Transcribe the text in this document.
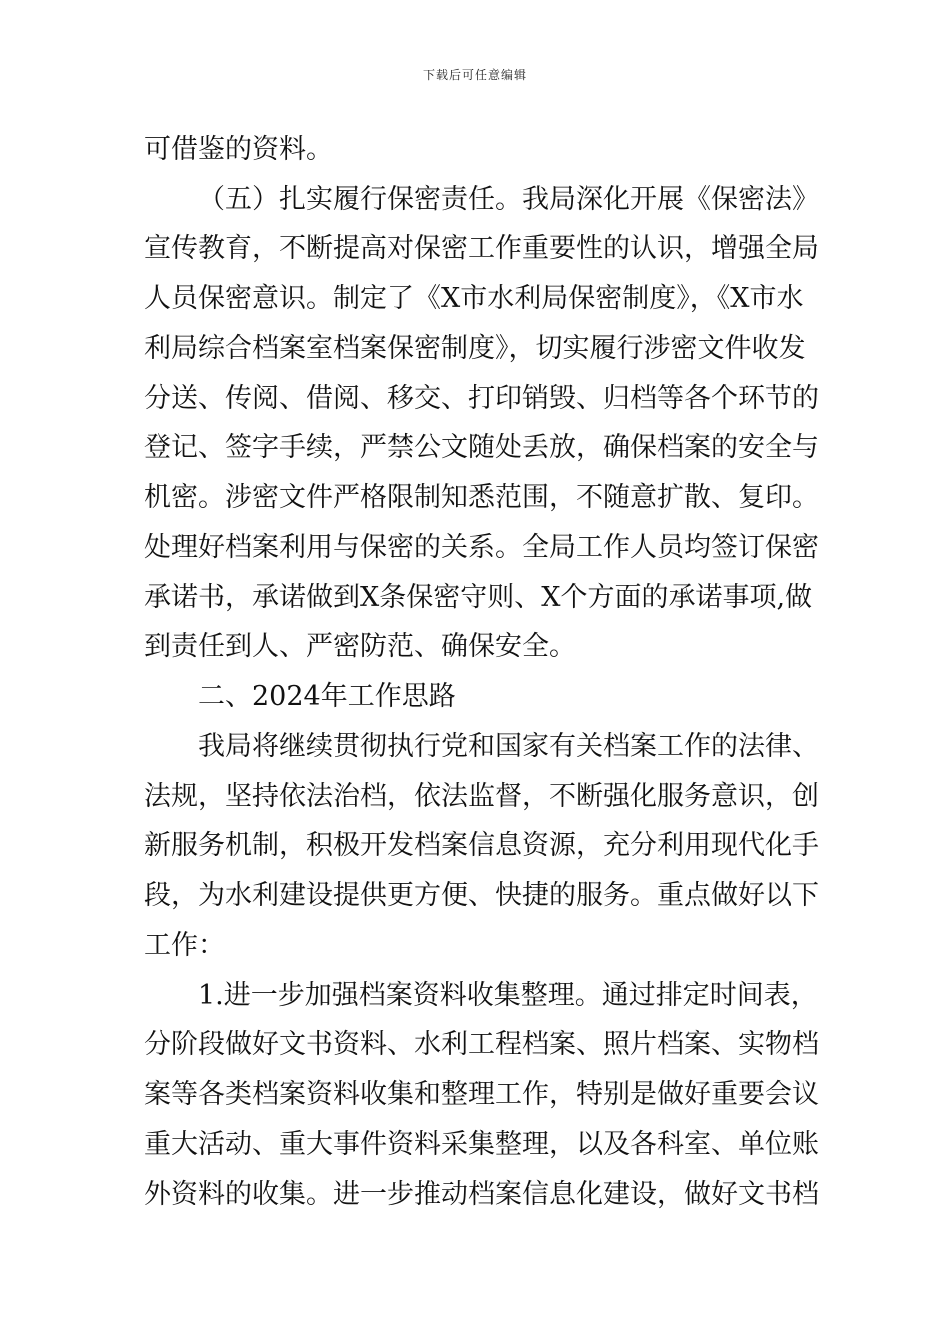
下载后可任意编辑
可借鉴的资料。
（五）扎实履行保密责任。我局深化开展《保密法》
宣传教育，不断提高对保密工作重要性的认识，增强全局
人员保密意识。制定了《X市水利局保密制度》，《X市水
利局综合档案室档案保密制度》，切实履行涉密文件收发
分送、传阅、借阅、移交、打印销毁、归档等各个环节的
登记、签字手续，严禁公文随处丢放，确保档案的安全与
机密。涉密文件严格限制知悉范围，不随意扩散、复印。
处理好档案利用与保密的关系。全局工作人员均签订保密
承诺书，承诺做到X条保密守则、X个方面的承诺事项,做
到责任到人、严密防范、确保安全。
二、2024年工作思路
我局将继续贯彻执行党和国家有关档案工作的法律、
法规，坚持依法治档，依法监督，不断强化服务意识，创
新服务机制，积极开发档案信息资源，充分利用现代化手
段，为水利建设提供更方便、快捷的服务。重点做好以下
工作：
1.进一步加强档案资料收集整理。通过排定时间表，
分阶段做好文书资料、水利工程档案、照片档案、实物档
案等各类档案资料收集和整理工作，特别是做好重要会议
重大活动、重大事件资料采集整理，以及各科室、单位账
外资料的收集。进一步推动档案信息化建设，做好文书档
